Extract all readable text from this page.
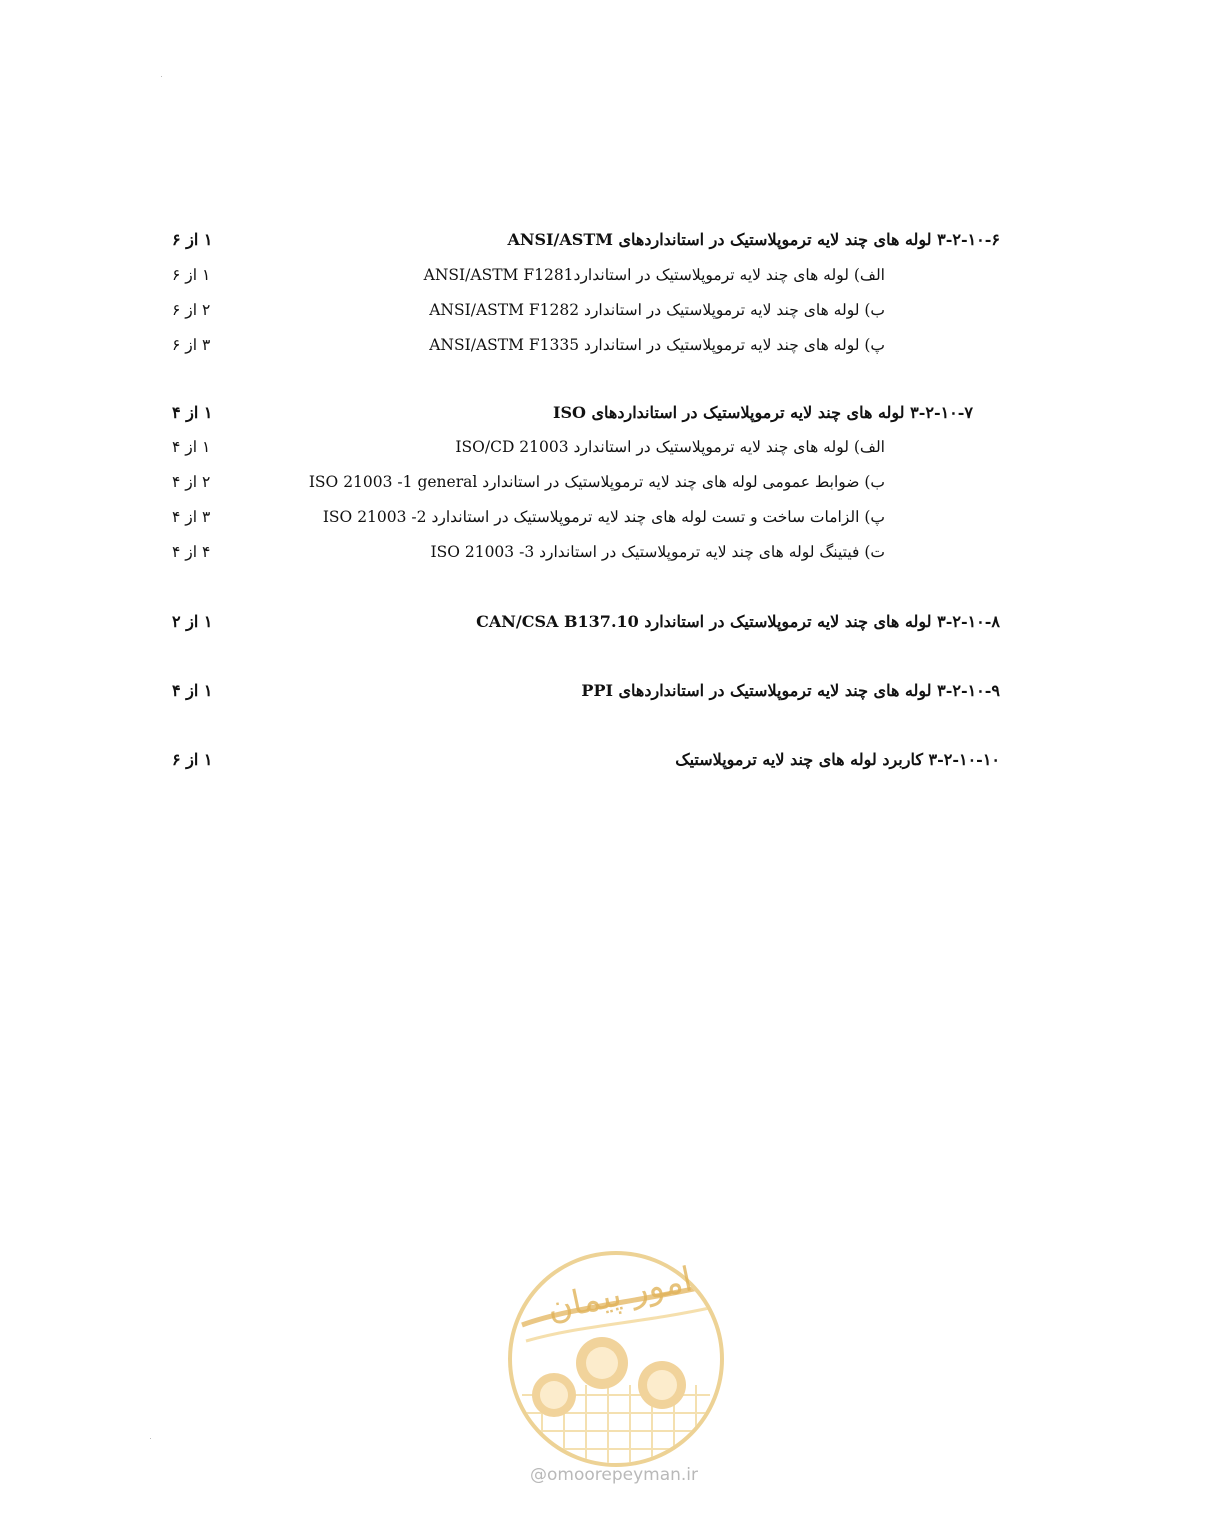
۳-۲-۱۰-۶ لوله های چند لایه ترموپلاستیک در استانداردهای ANSI/ASTM
۱ از ۶
الف) لوله های چند لایه ترموپلاستیک در استانداردANSI/ASTM F1281
۱ از ۶
ب) لوله های چند لایه ترموپلاستیک در استاندارد ANSI/ASTM F1282
۲ از ۶
پ) لوله های چند لایه ترموپلاستیک در استاندارد ANSI/ASTM F1335
۳ از ۶
۳-۲-۱۰-۷ لوله های چند لایه ترموپلاستیک در استانداردهای ISO
۱ از ۴
الف) لوله های چند لایه ترموپلاستیک در استاندارد ISO/CD 21003
۱ از ۴
ب) ضوابط عمومی لوله های چند لایه ترموپلاستیک در استاندارد ISO 21003 -1 general
۲ از ۴
پ) الزامات ساخت و تست لوله های چند لایه ترموپلاستیک در استاندارد ISO 21003 -2
۳ از ۴
ت) فیتینگ لوله های چند لایه ترموپلاستیک در استاندارد ISO 21003 -3
۴ از ۴
۳-۲-۱۰-۸ لوله های چند لایه ترموپلاستیک در استاندارد CAN/CSA B137.10
۱ از ۲
۳-۲-۱۰-۹ لوله های چند لایه ترموپلاستیک در استانداردهای PPI
۱ از ۴
۳-۲-۱۰-۱۰ کاربرد لوله های چند لایه ترموپلاستیک
۱ از ۶
امور پیمان
@omoorepeyman.ir
